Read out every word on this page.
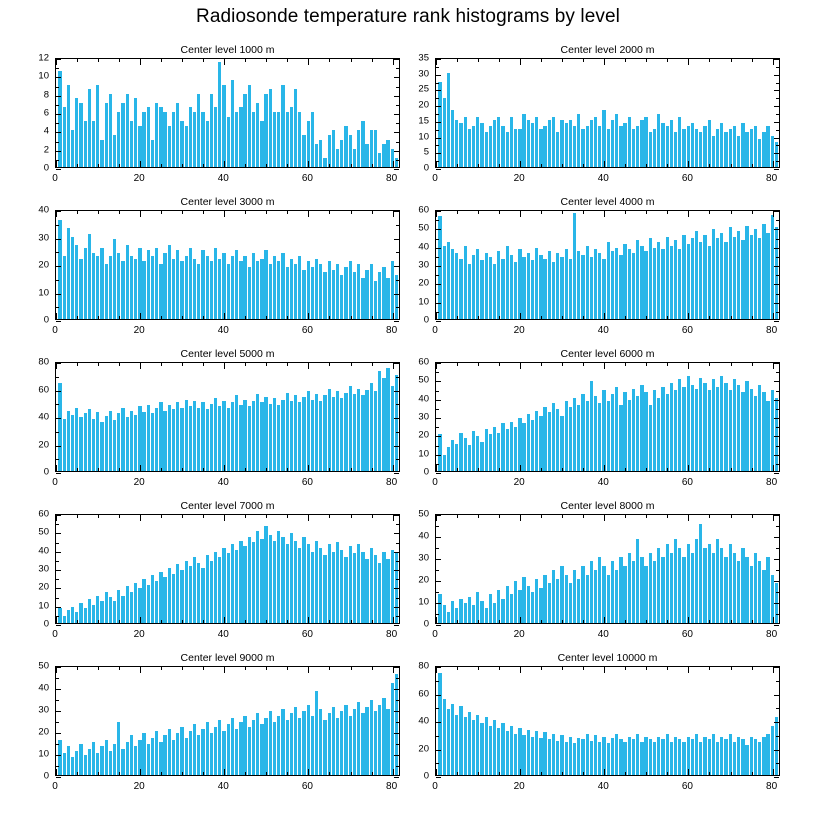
Radiosonde temperature rank histograms by level
Center level 1000 m
0
2
4
6
8
10
12
0	20	40	60	80
Center level 2000 m
0
5
10
15
20
25
30
35
0	20	40	60	80
Center level 3000 m
0
10
20
30
40
0	20	40	60	80
Center level 4000 m
0
10
20
30
40
50
60
0	20	40	60	80
Center level 5000 m
0
20
40
60
80
0	20	40	60	80
Center level 6000 m
0
10
20
30
40
50
60
0	20	40	60	80
Center level 7000 m
0
10
20
30
40
50
60
0	20	40	60	80
Center level 8000 m
0
10
20
30
40
50
0	20	40	60	80
Center level 9000 m
0
10
20
30
40
50
0	20	40	60	80
Center level 10000 m
0
20
40
60
80
0	20	40	60	80
